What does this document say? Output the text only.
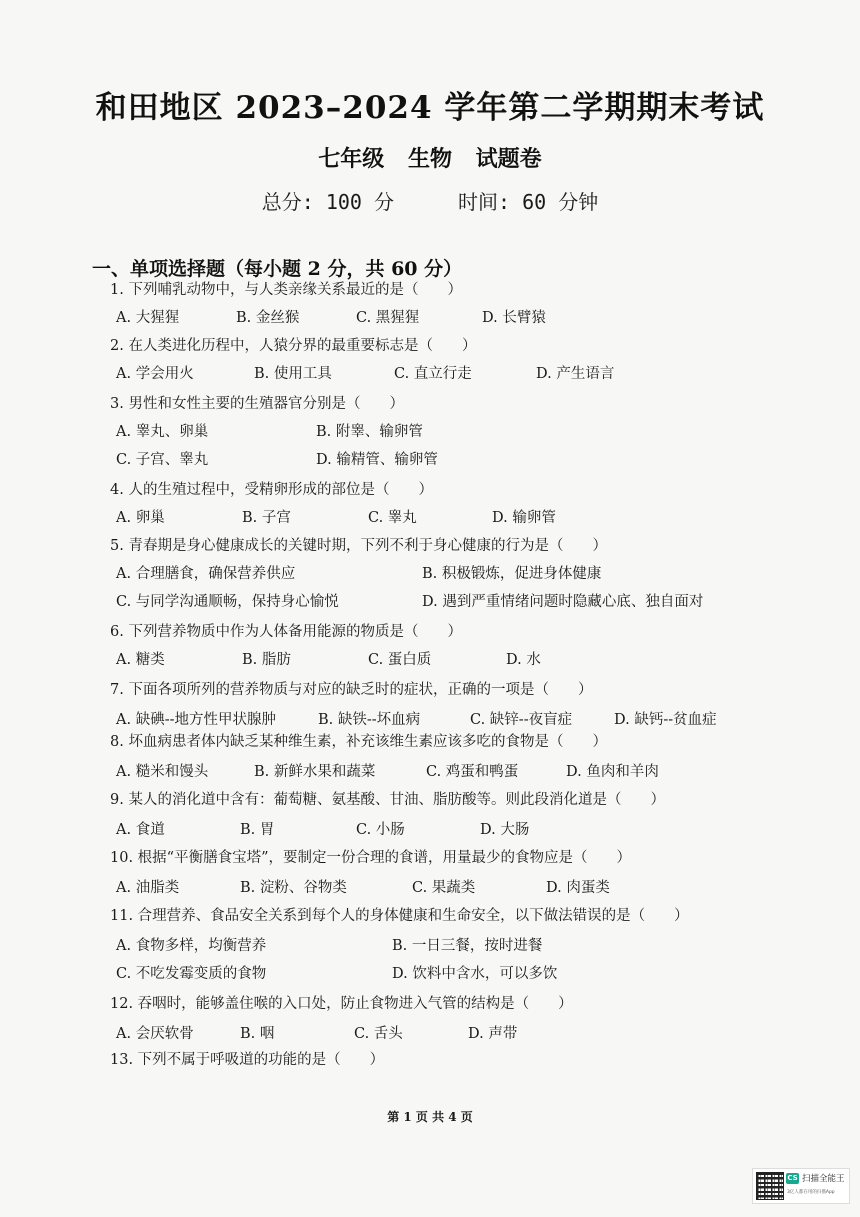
和田地区 2023–2024 学年第二学期期末考试
七年级 生物 试题卷
总分: 100 分	时间: 60 分钟
一、单项选择题（每小题 2 分，共 60 分）
1. 下列哺乳动物中，与人类亲缘关系最近的是（　　）
A. 大猩猩	B. 金丝猴	C. 黑猩猩	D. 长臂猿
2. 在人类进化历程中，人猿分界的最重要标志是（　　）
A. 学会用火	B. 使用工具	C. 直立行走	D. 产生语言
3. 男性和女性主要的生殖器官分别是（　　）
A. 睾丸、卵巢	B. 附睾、输卵管
C. 子宫、睾丸	D. 输精管、输卵管
4. 人的生殖过程中，受精卵形成的部位是（　　）
A. 卵巢	B. 子宫	C. 睾丸	D. 输卵管
5. 青春期是身心健康成长的关键时期，下列不利于身心健康的行为是（　　）
A. 合理膳食，确保营养供应	B. 积极锻炼，促进身体健康
C. 与同学沟通顺畅，保持身心愉悦	D. 遇到严重情绪问题时隐藏心底、独自面对
6. 下列营养物质中作为人体备用能源的物质是（　　）
A. 糖类	B. 脂肪	C. 蛋白质	D. 水
7. 下面各项所列的营养物质与对应的缺乏时的症状，正确的一项是（　　）
A. 缺碘--地方性甲状腺肿	B. 缺铁--坏血病	C. 缺锌--夜盲症	D. 缺钙--贫血症
8. 坏血病患者体内缺乏某种维生素，补充该维生素应该多吃的食物是（　　）
A. 糙米和馒头	B. 新鲜水果和蔬菜	C. 鸡蛋和鸭蛋	D. 鱼肉和羊肉
9. 某人的消化道中含有：葡萄糖、氨基酸、甘油、脂肪酸等。则此段消化道是（　　）
A. 食道	B. 胃	C. 小肠	D. 大肠
10. 根据“平衡膳食宝塔”，要制定一份合理的食谱，用量最少的食物应是（　　）
A. 油脂类	B. 淀粉、谷物类	C. 果蔬类	D. 肉蛋类
11. 合理营养、食品安全关系到每个人的身体健康和生命安全，以下做法错误的是（　　）
A. 食物多样，均衡营养	B. 一日三餐，按时进餐
C. 不吃发霉变质的食物	D. 饮料中含水，可以多饮
12. 吞咽时，能够盖住喉的入口处，防止食物进入气管的结构是（　　）
A. 会厌软骨	B. 咽	C. 舌头	D. 声带
13. 下列不属于呼吸道的功能的是（　　）
第 1 页 共 4 页
CS 扫描全能王
3亿人都在用的扫描App
